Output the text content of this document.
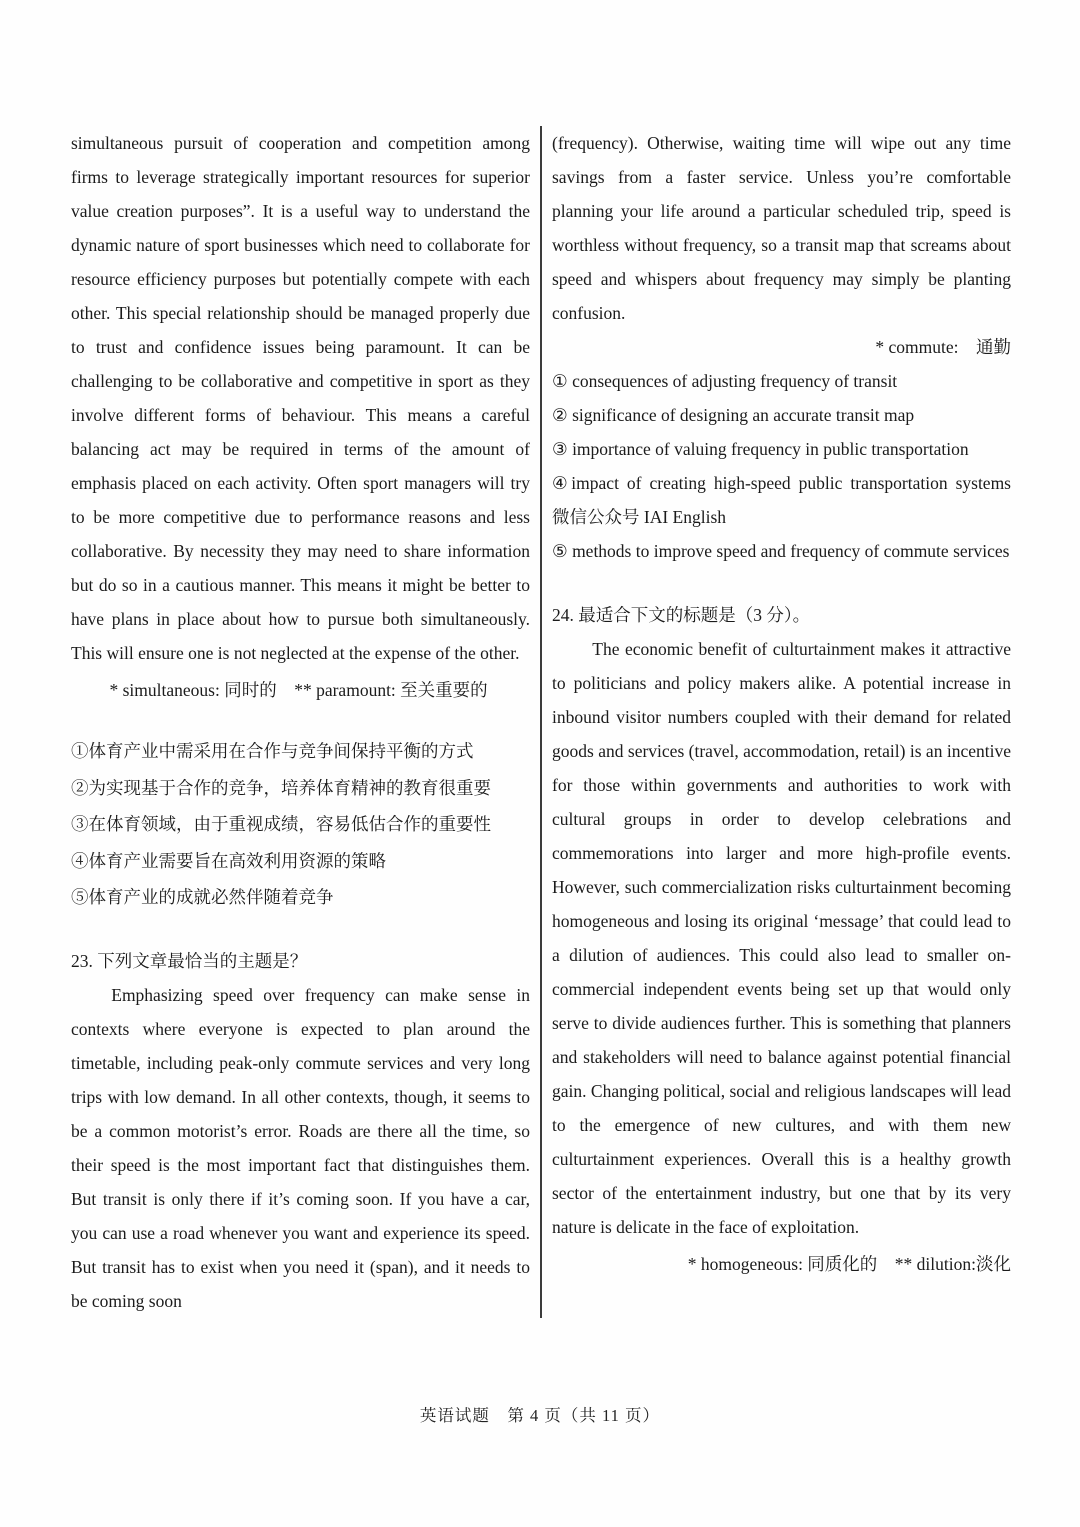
simultaneous pursuit of cooperation and competition among firms to leverage strategically important resources for superior value creation purposes”. It is a useful way to understand the dynamic nature of sport businesses which need to collaborate for resource efficiency purposes but potentially compete with each other. This special relationship should be managed properly due to trust and confidence issues being paramount. It can be challenging to be collaborative and competitive in sport as they involve different forms of behaviour. This means a careful balancing act may be required in terms of the amount of emphasis placed on each activity. Often sport managers will try to be more competitive due to performance reasons and less collaborative. By necessity they may need to share information but do so in a cautious manner. This means it might be better to have plans in place about how to pursue both simultaneously. This will ensure one is not neglected at the expense of the other.

* simultaneous: 同时的　** paramount: 至关重要的

①体育产业中需采用在合作与竞争间保持平衡的方式

②为实现基于合作的竞争，培养体育精神的教育很重要

③在体育领域，由于重视成绩，容易低估合作的重要性

④体育产业需要旨在高效利用资源的策略

⑤体育产业的成就必然伴随着竞争

23. 下列文章最恰当的主题是？

Emphasizing speed over frequency can make sense in contexts where everyone is expected to plan around the timetable, including peak-only commute services and very long trips with low demand. In all other contexts, though, it seems to be a common motorist’s error. Roads are there all the time, so their speed is the most important fact that distinguishes them. But transit is only there if it’s coming soon. If you have a car, you can use a road whenever you want and experience its speed. But transit has to exist when you need it (span), and it needs to be coming soon

(frequency). Otherwise, waiting time will wipe out any time savings from a faster service. Unless you’re comfortable planning your life around a particular scheduled trip, speed is worthless without frequency, so a transit map that screams about speed and whispers about frequency may simply be planting confusion.

* commute:　通勤

① consequences of adjusting frequency of transit

② significance of designing an accurate transit map

③ importance of valuing frequency in public transportation

④impact of creating high-speed public transportation systems　微信公众号 IAI English

⑤ methods to improve speed and frequency of commute services

24. 最适合下文的标题是（3 分）。

The economic benefit of culturtainment makes it attractive to politicians and policy makers alike. A potential increase in inbound visitor numbers coupled with their demand for related goods and services (travel, accommodation, retail) is an incentive for those within governments and authorities to work with cultural groups in order to develop celebrations and commemorations into larger and more high-profile events. However, such commercialization risks culturtainment becoming homogeneous and losing its original ‘message’ that could lead to a dilution of audiences. This could also lead to smaller on-commercial independent events being set up that would only serve to divide audiences further. This is something that planners and stakeholders will need to balance against potential financial gain. Changing political, social and religious landscapes will lead to the emergence of new cultures, and with them new culturtainment experiences. Overall this is a healthy growth sector of the entertainment industry, but one that by its very nature is delicate in the face of exploitation.

* homogeneous: 同质化的　** dilution:淡化

英语试题　第 4 页（共 11 页）
